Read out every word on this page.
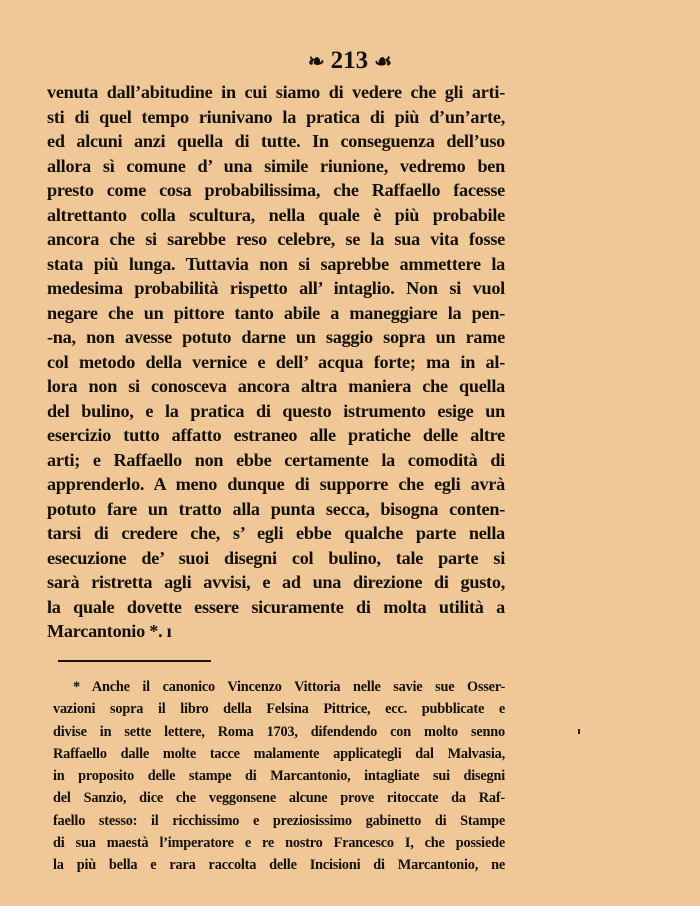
❧ 213 ☙
venuta dall’abitudine in cui siamo di vedere che gli arti-
sti di quel tempo riunivano la pratica di più d’un’arte,
ed alcuni anzi quella di tutte. In conseguenza dell’uso
allora sì comune d’ una simile riunione, vedremo ben
presto come cosa probabilissima, che Raffaello facesse
altrettanto colla scultura, nella quale è più probabile
ancora che si sarebbe reso celebre, se la sua vita fosse
stata più lunga. Tuttavia non si saprebbe ammettere la
medesima probabilità rispetto all’ intaglio. Non si vuol
negare che un pittore tanto abile a maneggiare la pen-
-na, non avesse potuto darne un saggio sopra un rame
col metodo della vernice e dell’ acqua forte; ma in al-
lora non si conosceva ancora altra maniera che quella
del bulino, e la pratica di questo istrumento esige un
esercizio tutto affatto estraneo alle pratiche delle altre
arti; e Raffaello non ebbe certamente la comodità di
apprenderlo. A meno dunque di supporre che egli avrà
potuto fare un tratto alla punta secca, bisogna conten-
tarsi di credere che, s’ egli ebbe qualche parte nella
esecuzione de’ suoi disegni col bulino, tale parte si
sarà ristretta agli avvisi, e ad una direzione di gusto,
la quale dovette essere sicuramente di molta utilità a
Marcantonio *. ı
* Anche il canonico Vincenzo Vittoria nelle savie sue Osser-
vazioni sopra il libro della Felsina Pittrice, ecc. pubblicate e
divise in sette lettere, Roma 1703, difendendo con molto senno
Raffaello dalle molte tacce malamente applicategli dal Malvasia,
in proposito delle stampe di Marcantonio, intagliate sui disegni
del Sanzio, dice che veggonsene alcune prove ritoccate da Raf-
faello stesso: il ricchissimo e preziosissimo gabinetto di Stampe
di sua maestà l’imperatore e re nostro Francesco I, che possiede
la più bella e rara raccolta delle Incisioni di Marcantonio, ne
